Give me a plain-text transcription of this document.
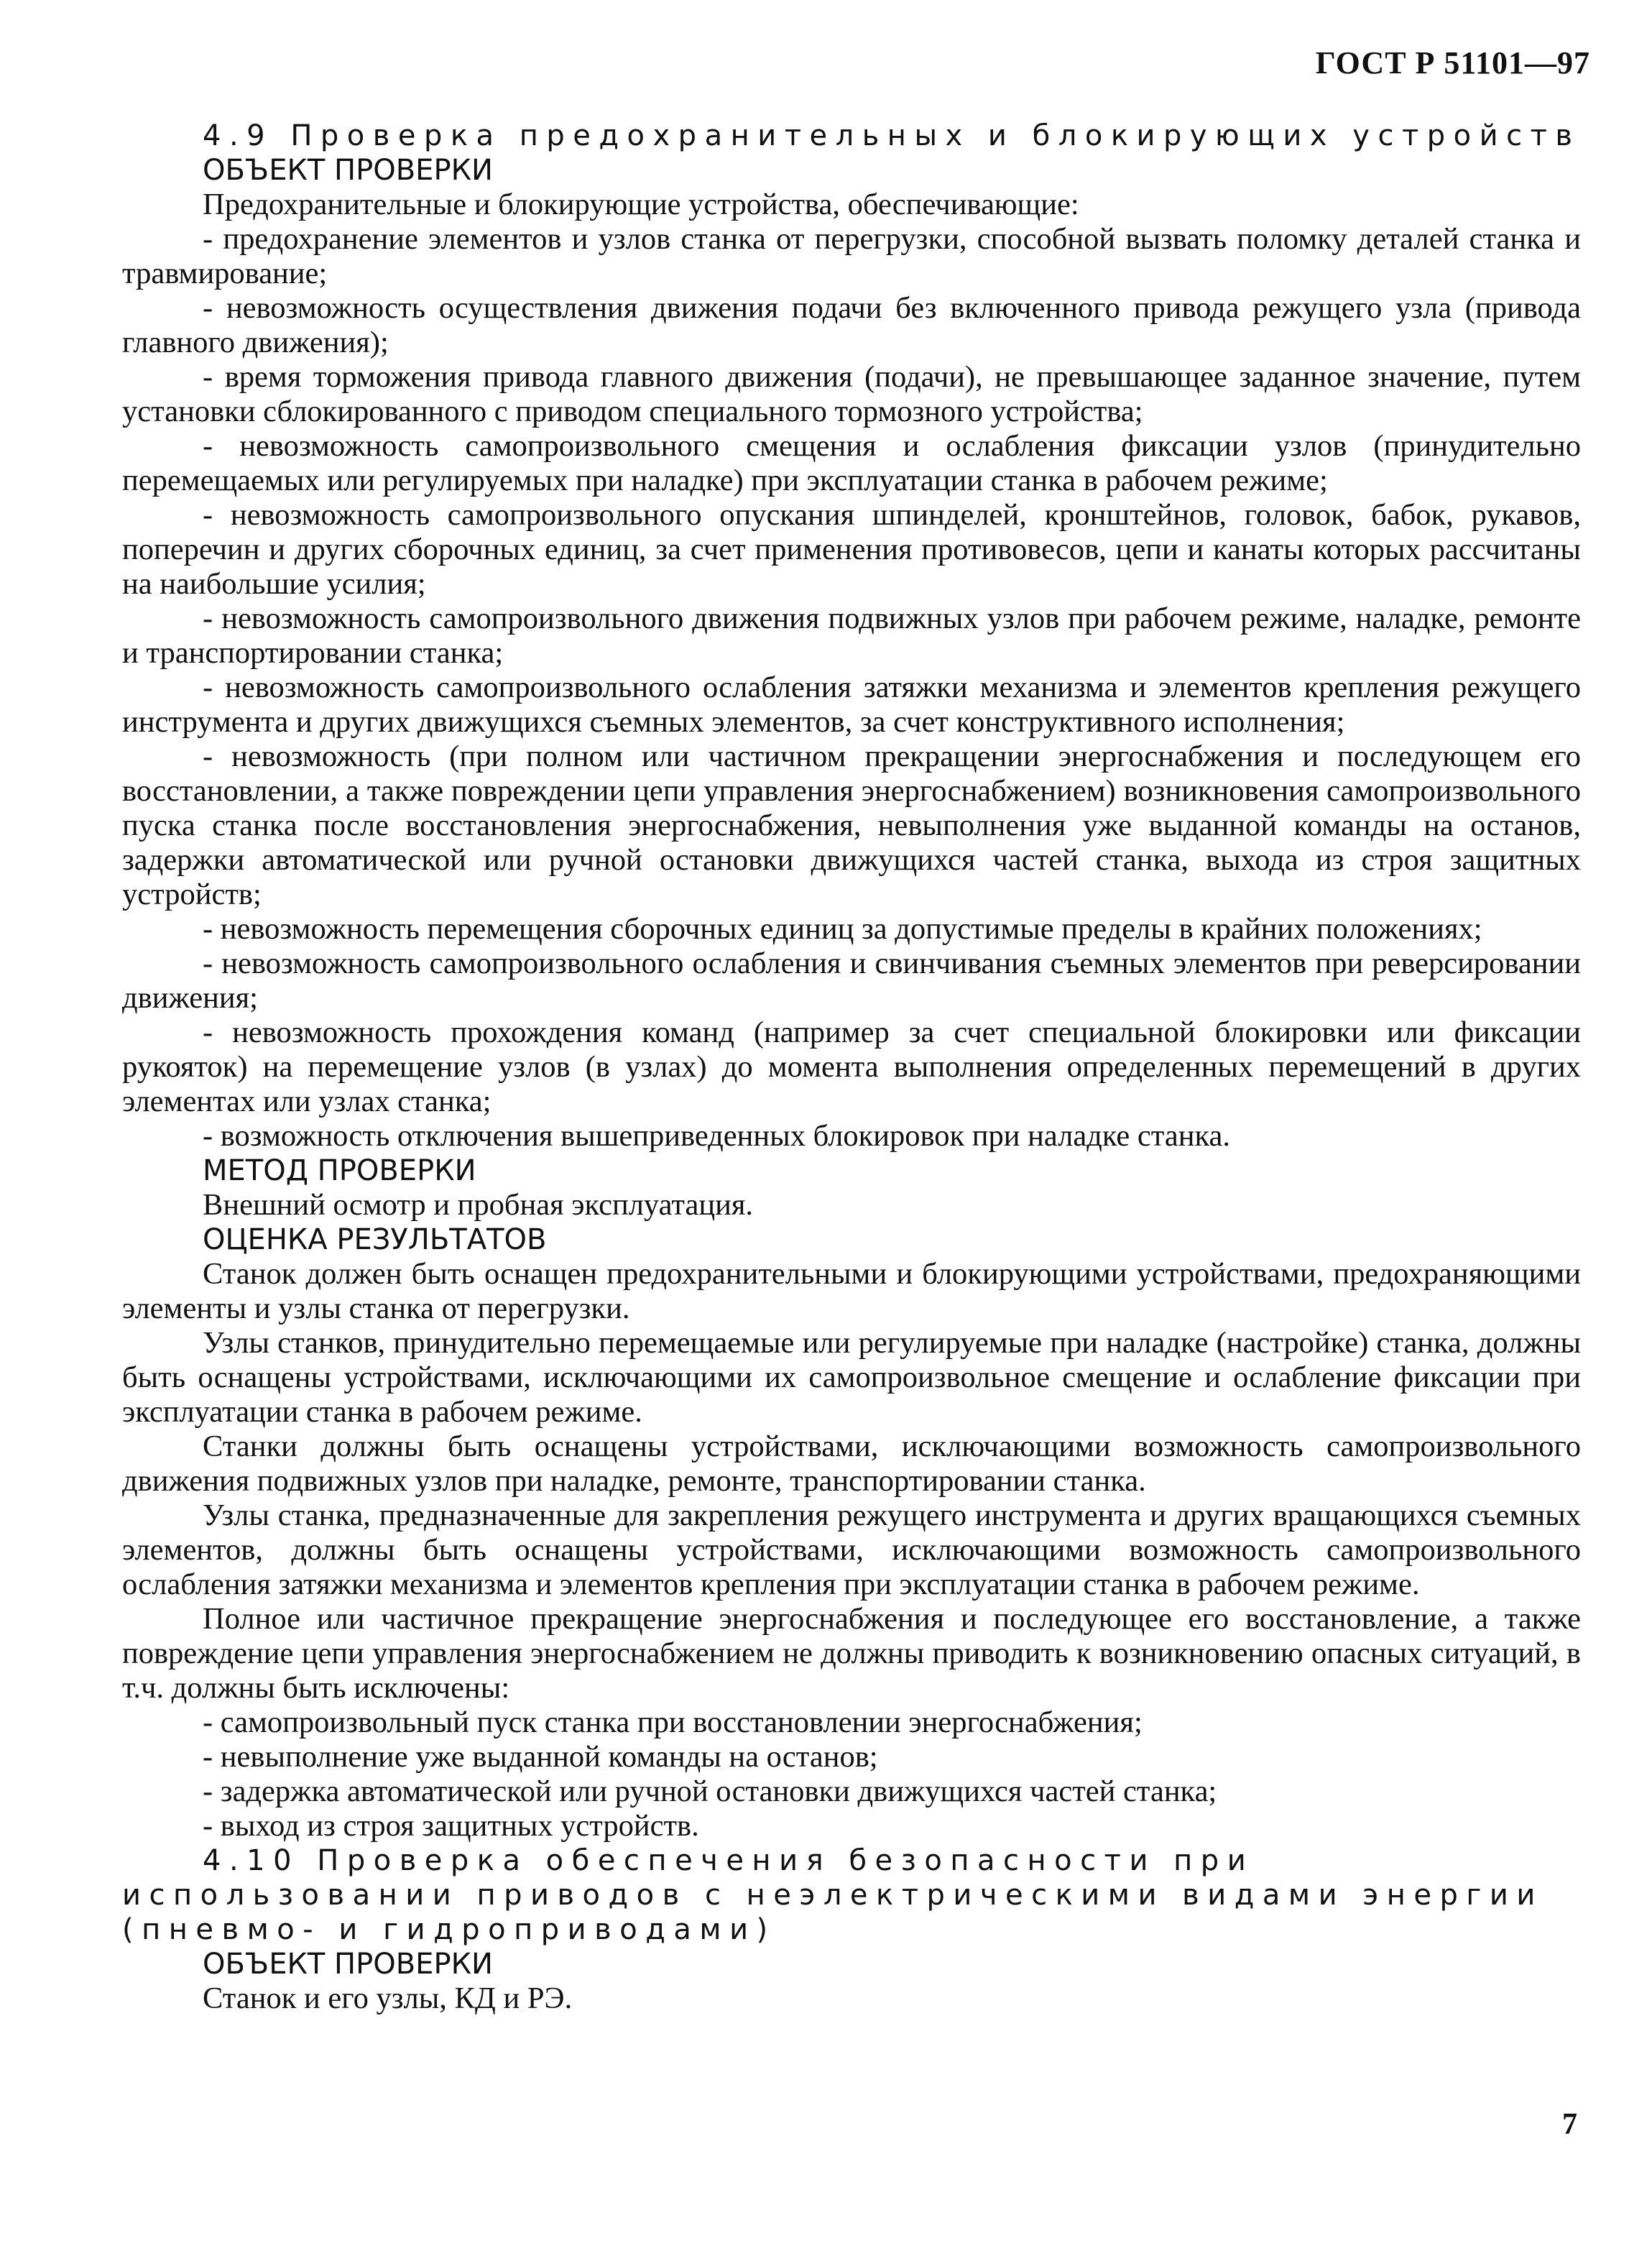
ГОСТ Р 51101—97

4.9 Проверка предохранительных и блокирующих устройств

ОБЪЕКТ ПРОВЕРКИ

Предохранительные и блокирующие устройства, обеспечивающие:

- предохранение элементов и узлов станка от перегрузки, способной вызвать поломку деталей станка и травмирование;

- невозможность осуществления движения подачи без включенного привода режущего узла (привода главного движения);

- время торможения привода главного движения (подачи), не превышающее заданное значение, путем установки сблокированного с приводом специального тормозного устройства;

- невозможность самопроизвольного смещения и ослабления фиксации узлов (принудительно перемещаемых или регулируемых при наладке) при эксплуатации станка в рабочем режиме;

- невозможность самопроизвольного опускания шпинделей, кронштейнов, головок, бабок, рукавов, поперечин и других сборочных единиц, за счет применения противовесов, цепи и канаты которых рассчитаны на наибольшие усилия;

- невозможность самопроизвольного движения подвижных узлов при рабочем режиме, наладке, ремонте и транспортировании станка;

- невозможность самопроизвольного ослабления затяжки механизма и элементов крепления режущего инструмента и других движущихся съемных элементов, за счет конструктивного исполнения;

- невозможность (при полном или частичном прекращении энергоснабжения и последующем его восстановлении, а также повреждении цепи управления энергоснабжением) возникновения самопроизвольного пуска станка после восстановления энергоснабжения, невыполнения уже выданной команды на останов, задержки автоматической или ручной остановки движущихся частей станка, выхода из строя защитных устройств;

- невозможность перемещения сборочных единиц за допустимые пределы в крайних положениях;

- невозможность самопроизвольного ослабления и свинчивания съемных элементов при реверсировании движения;

- невозможность прохождения команд (например за счет специальной блокировки или фиксации рукояток) на перемещение узлов (в узлах) до момента выполнения определенных перемещений в других элементах или узлах станка;

- возможность отключения вышеприведенных блокировок при наладке станка.

МЕТОД ПРОВЕРКИ

Внешний осмотр и пробная эксплуатация.

ОЦЕНКА РЕЗУЛЬТАТОВ

Станок должен быть оснащен предохранительными и блокирующими устройствами, предохраняющими элементы и узлы станка от перегрузки.

Узлы станков, принудительно перемещаемые или регулируемые при наладке (настройке) станка, должны быть оснащены устройствами, исключающими их самопроизвольное смещение и ослабление фиксации при эксплуатации станка в рабочем режиме.

Станки должны быть оснащены устройствами, исключающими возможность самопроизвольного движения подвижных узлов при наладке, ремонте, транспортировании станка.

Узлы станка, предназначенные для закрепления режущего инструмента и других вращающихся съемных элементов, должны быть оснащены устройствами, исключающими возможность самопроизвольного ослабления затяжки механизма и элементов крепления при эксплуатации станка в рабочем режиме.

Полное или частичное прекращение энергоснабжения и последующее его восстановление, а также повреждение цепи управления энергоснабжением не должны приводить к возникновению опасных ситуаций, в т.ч. должны быть исключены:

- самопроизвольный пуск станка при восстановлении энергоснабжения;

- невыполнение уже выданной команды на останов;

- задержка автоматической или ручной остановки движущихся частей станка;

- выход из строя защитных устройств.

4.10 Проверка обеспечения безопасности при использовании приводов с неэлектрическими видами энергии (пневмо- и гидроприводами)

ОБЪЕКТ ПРОВЕРКИ

Станок и его узлы, КД и РЭ.

7
